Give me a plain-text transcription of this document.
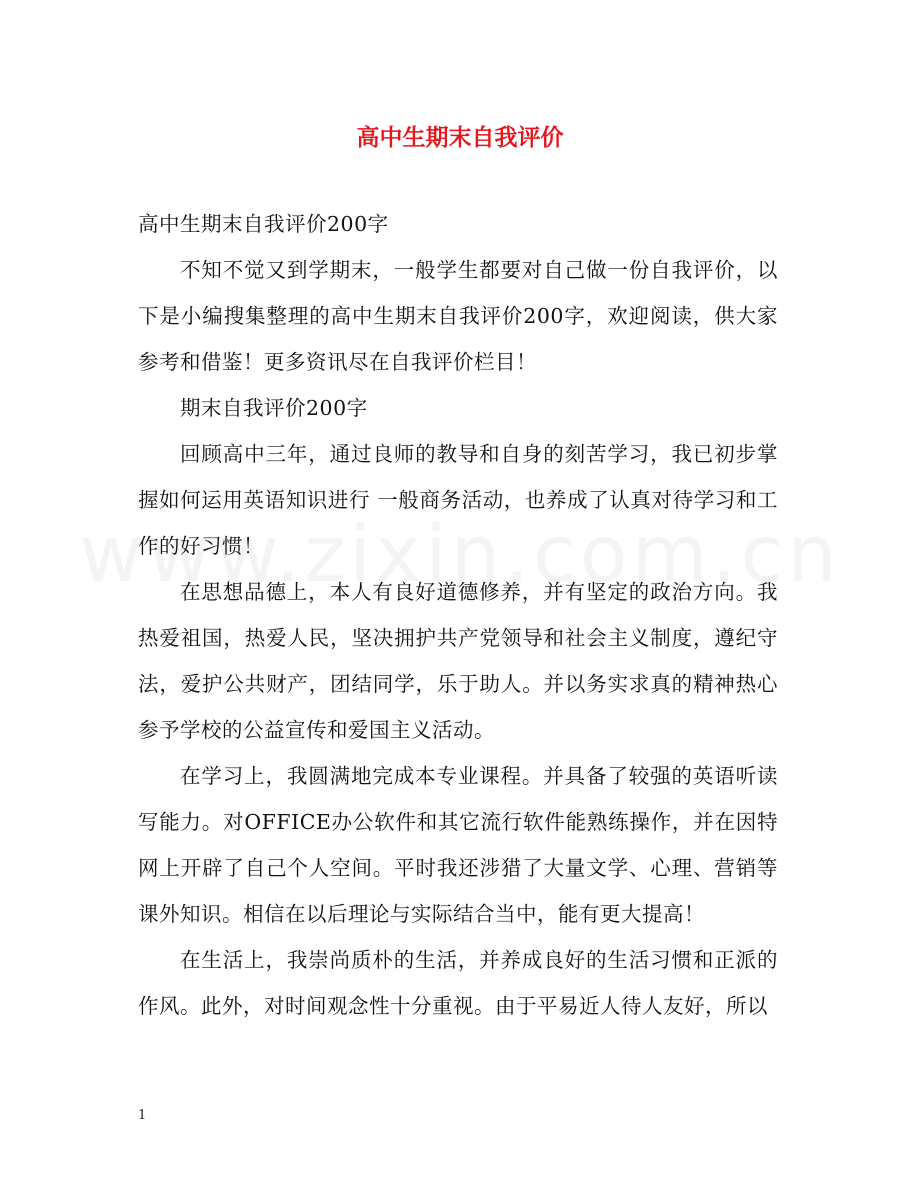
高中生期末自我评价

高中生期末自我评价200字

不知不觉又到学期末，一般学生都要对自己做一份自我评价，以下是小编搜集整理的高中生期末自我评价200字，欢迎阅读，供大家参考和借鉴！更多资讯尽在自我评价栏目！

期末自我评价200字

回顾高中三年，通过良师的教导和自身的刻苦学习，我已初步掌握如何运用英语知识进行 一般商务活动，也养成了认真对待学习和工作的好习惯！

在思想品德上，本人有良好道德修养，并有坚定的政治方向。我热爱祖国，热爱人民，坚决拥护共产党领导和社会主义制度，遵纪守法，爱护公共财产，团结同学，乐于助人。并以务实求真的精神热心参予学校的公益宣传和爱国主义活动。

在学习上，我圆满地完成本专业课程。并具备了较强的英语听读写能力。对OFFICE办公软件和其它流行软件能熟练操作，并在因特网上开辟了自己个人空间。平时我还涉猎了大量文学、心理、营销等课外知识。相信在以后理论与实际结合当中，能有更大提高！

在生活上，我崇尚质朴的生活，并养成良好的生活习惯和正派的作风。此外，对时间观念性十分重视。由于平易近人待人友好，所以

1
